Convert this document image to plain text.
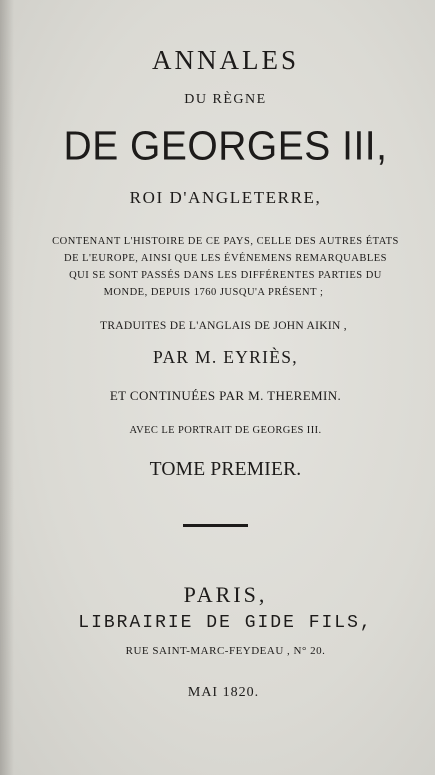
ANNALES
DU RÈGNE
DE GEORGES III,
ROI D'ANGLETERRE,
CONTENANT L'HISTOIRE DE CE PAYS, CELLE DES AUTRES ÉTATS
DE L'EUROPE, AINSI QUE LES ÉVÉNEMENS REMARQUABLES
QUI SE SONT PASSÉS DANS LES DIFFÉRENTES PARTIES DU
MONDE, DEPUIS 1760 JUSQU'A PRÉSENT ;
TRADUITES DE L'ANGLAIS DE JOHN AIKIN ,
PAR M. EYRIÈS,
ET CONTINUÉES PAR M. THEREMIN.
AVEC LE PORTRAIT DE GEORGES III.
TOME PREMIER.
PARIS,
LIBRAIRIE DE GIDE FILS,
RUE SAINT-MARC-FEYDEAU , N° 20.
MAI 1820.
